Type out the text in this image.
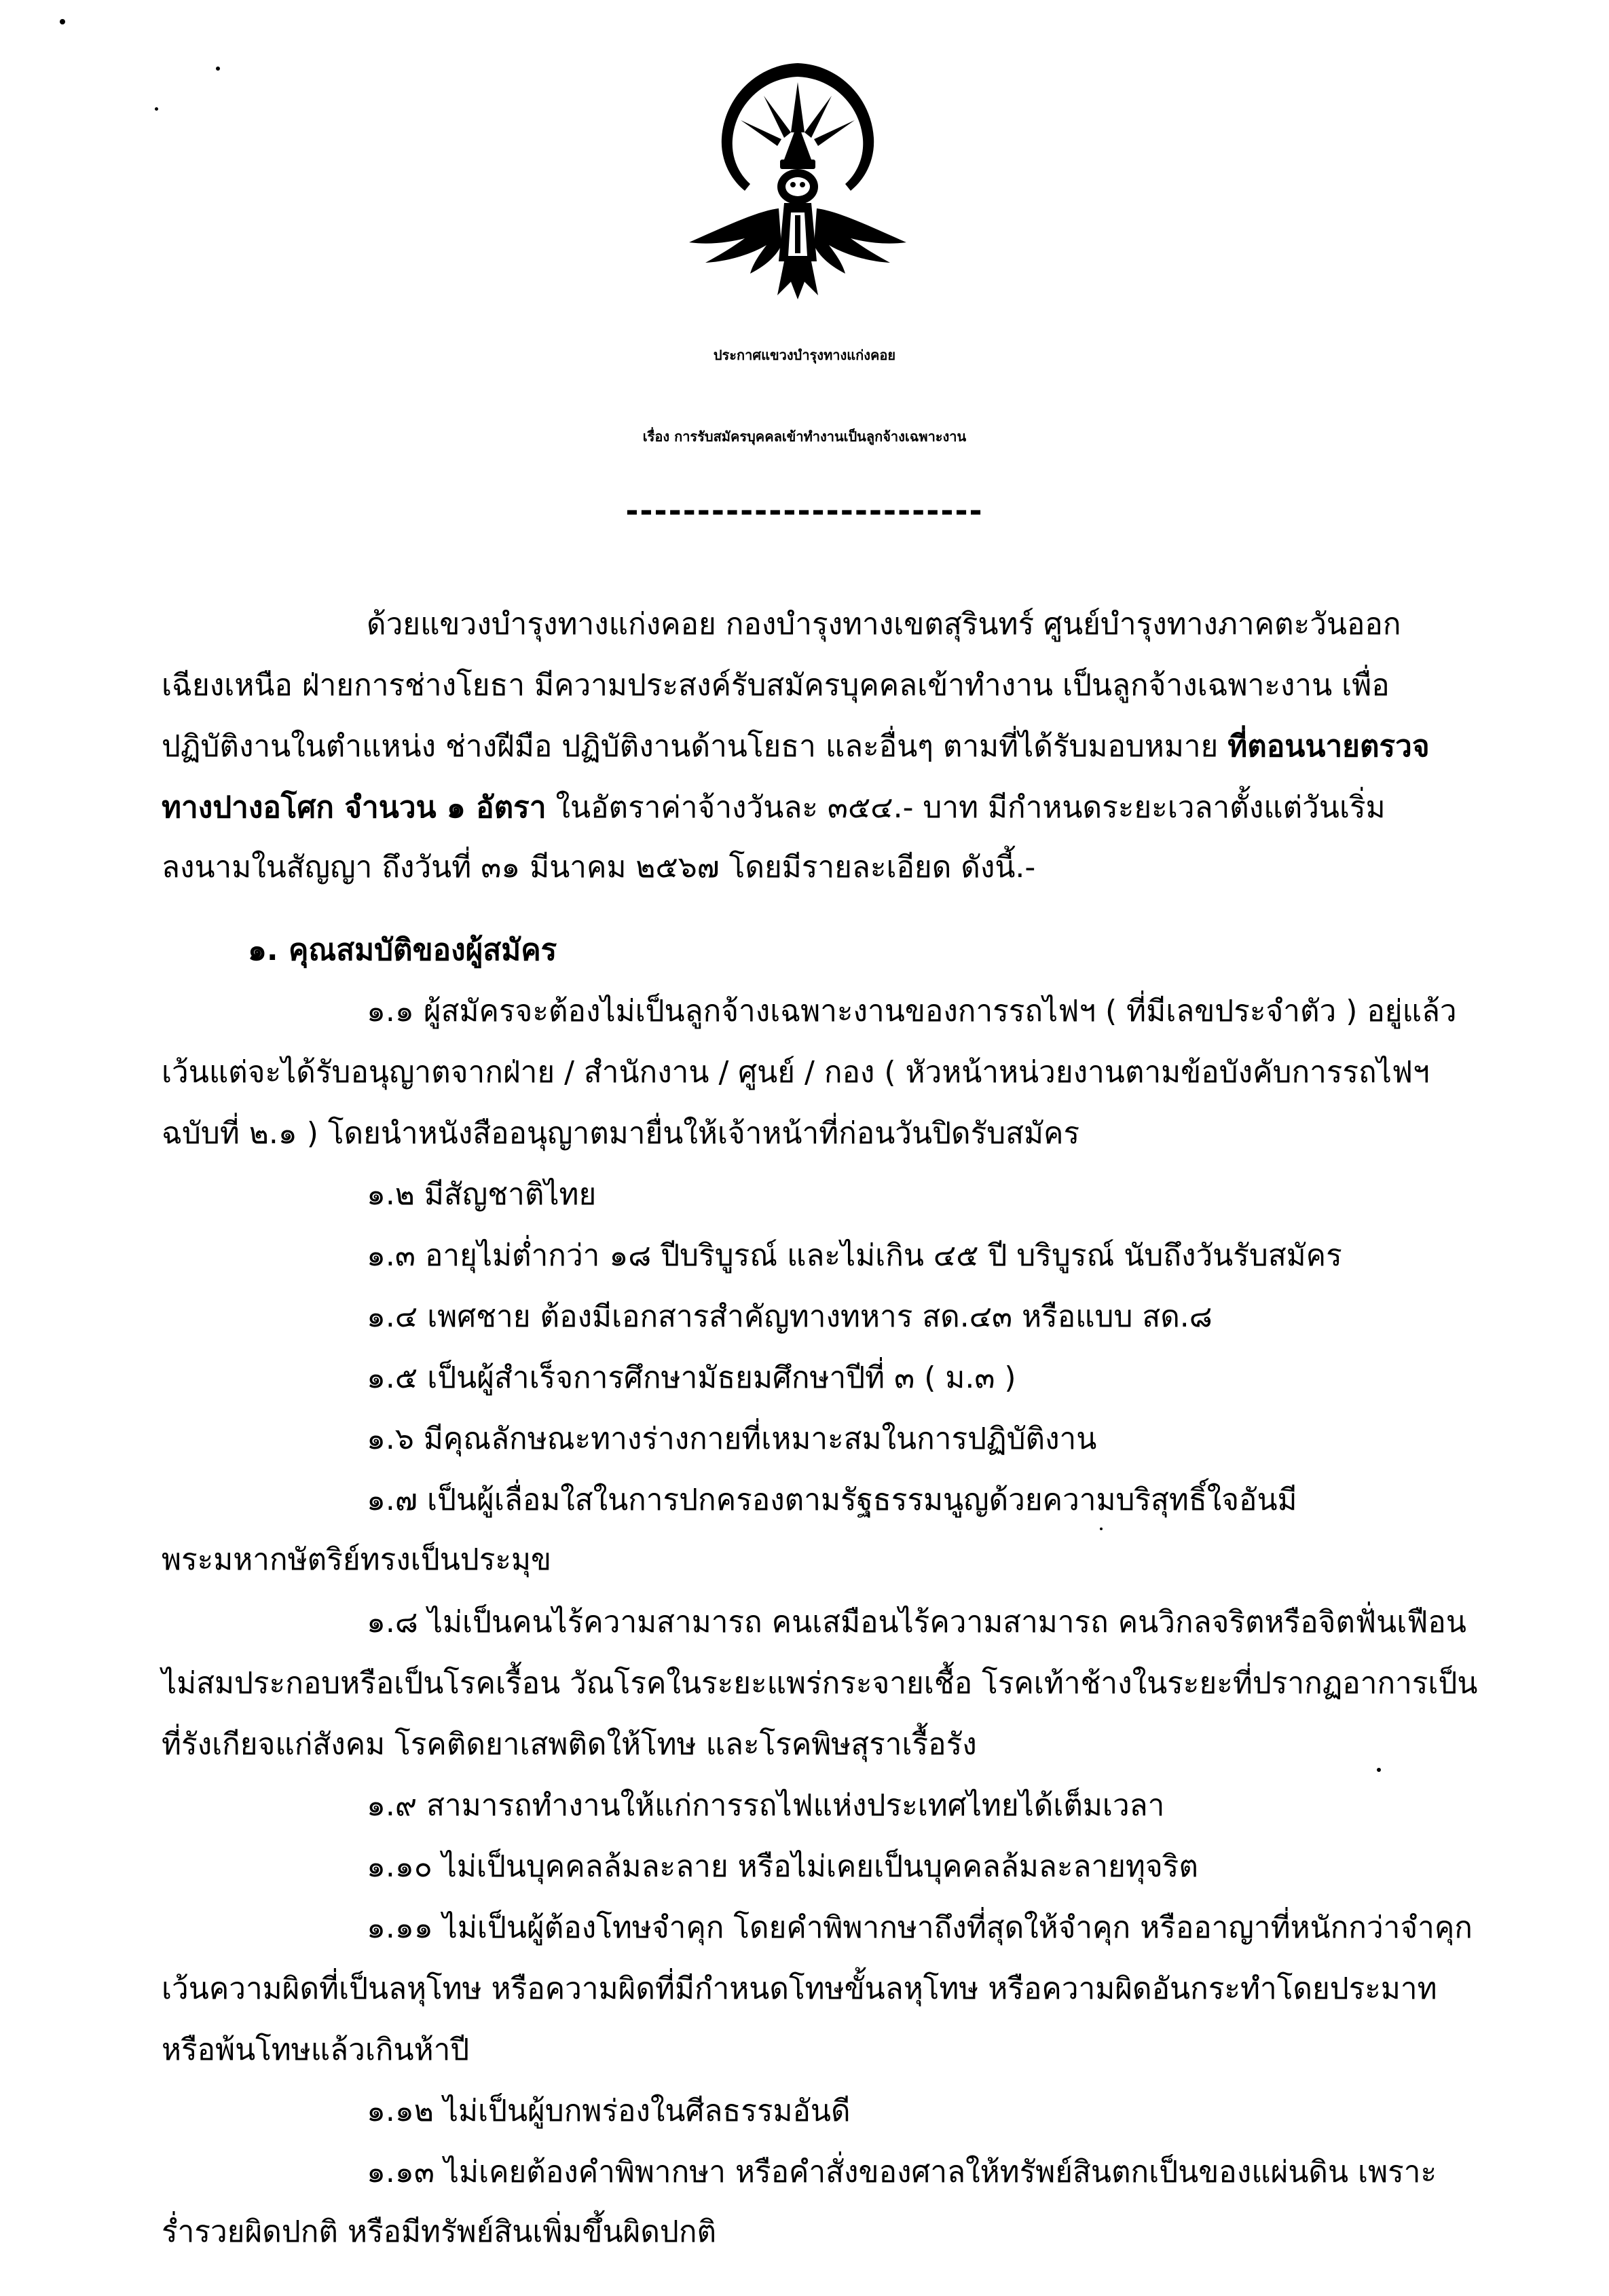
ประกาศแขวงบำรุงทางแก่งคอย
เรื่อง การรับสมัครบุคคลเข้าทำงานเป็นลูกจ้างเฉพาะงาน
-------------------------
ด้วยแขวงบำรุงทางแก่งคอย กองบำรุงทางเขตสุรินทร์ ศูนย์บำรุงทางภาคตะวันออก
เฉียงเหนือ ฝ่ายการช่างโยธา มีความประสงค์รับสมัครบุคคลเข้าทำงาน เป็นลูกจ้างเฉพาะงาน เพื่อ
ปฏิบัติงานในตำแหน่ง ช่างฝีมือ ปฏิบัติงานด้านโยธา และอื่นๆ ตามที่ได้รับมอบหมาย ที่ตอนนายตรวจ
ทางปางอโศก จำนวน ๑ อัตรา ในอัตราค่าจ้างวันละ ๓๕๔.- บาท มีกำหนดระยะเวลาตั้งแต่วันเริ่ม
ลงนามในสัญญา ถึงวันที่ ๓๑ มีนาคม ๒๕๖๗ โดยมีรายละเอียด ดังนี้.-
๑. คุณสมบัติของผู้สมัคร
๑.๑ ผู้สมัครจะต้องไม่เป็นลูกจ้างเฉพาะงานของการรถไฟฯ ( ที่มีเลขประจำตัว ) อยู่แล้ว
เว้นแต่จะได้รับอนุญาตจากฝ่าย / สำนักงาน / ศูนย์ / กอง ( หัวหน้าหน่วยงานตามข้อบังคับการรถไฟฯ
ฉบับที่ ๒.๑ ) โดยนำหนังสืออนุญาตมายื่นให้เจ้าหน้าที่ก่อนวันปิดรับสมัคร
๑.๒ มีสัญชาติไทย
๑.๓ อายุไม่ต่ำกว่า ๑๘ ปีบริบูรณ์ และไม่เกิน ๔๕ ปี บริบูรณ์ นับถึงวันรับสมัคร
๑.๔ เพศชาย ต้องมีเอกสารสำคัญทางทหาร สด.๔๓ หรือแบบ สด.๘
๑.๕ เป็นผู้สำเร็จการศึกษามัธยมศึกษาปีที่ ๓ ( ม.๓ )
๑.๖ มีคุณลักษณะทางร่างกายที่เหมาะสมในการปฏิบัติงาน
๑.๗ เป็นผู้เลื่อมใสในการปกครองตามรัฐธรรมนูญด้วยความบริสุทธิ์ใจอันมี
พระมหากษัตริย์ทรงเป็นประมุข
๑.๘ ไม่เป็นคนไร้ความสามารถ คนเสมือนไร้ความสามารถ คนวิกลจริตหรือจิตฟั่นเฟือน
ไม่สมประกอบหรือเป็นโรคเรื้อน วัณโรคในระยะแพร่กระจายเชื้อ โรคเท้าช้างในระยะที่ปรากฏอาการเป็น
ที่รังเกียจแก่สังคม โรคติดยาเสพติดให้โทษ และโรคพิษสุราเรื้อรัง
๑.๙ สามารถทำงานให้แก่การรถไฟแห่งประเทศไทยได้เต็มเวลา
๑.๑๐ ไม่เป็นบุคคลล้มละลาย หรือไม่เคยเป็นบุคคลล้มละลายทุจริต
๑.๑๑ ไม่เป็นผู้ต้องโทษจำคุก โดยคำพิพากษาถึงที่สุดให้จำคุก หรืออาญาที่หนักกว่าจำคุก
เว้นความผิดที่เป็นลหุโทษ หรือความผิดที่มีกำหนดโทษขั้นลหุโทษ หรือความผิดอันกระทำโดยประมาท
หรือพ้นโทษแล้วเกินห้าปี
๑.๑๒ ไม่เป็นผู้บกพร่องในศีลธรรมอันดี
๑.๑๓ ไม่เคยต้องคำพิพากษา หรือคำสั่งของศาลให้ทรัพย์สินตกเป็นของแผ่นดิน เพราะ
ร่ำรวยผิดปกติ หรือมีทรัพย์สินเพิ่มขึ้นผิดปกติ
